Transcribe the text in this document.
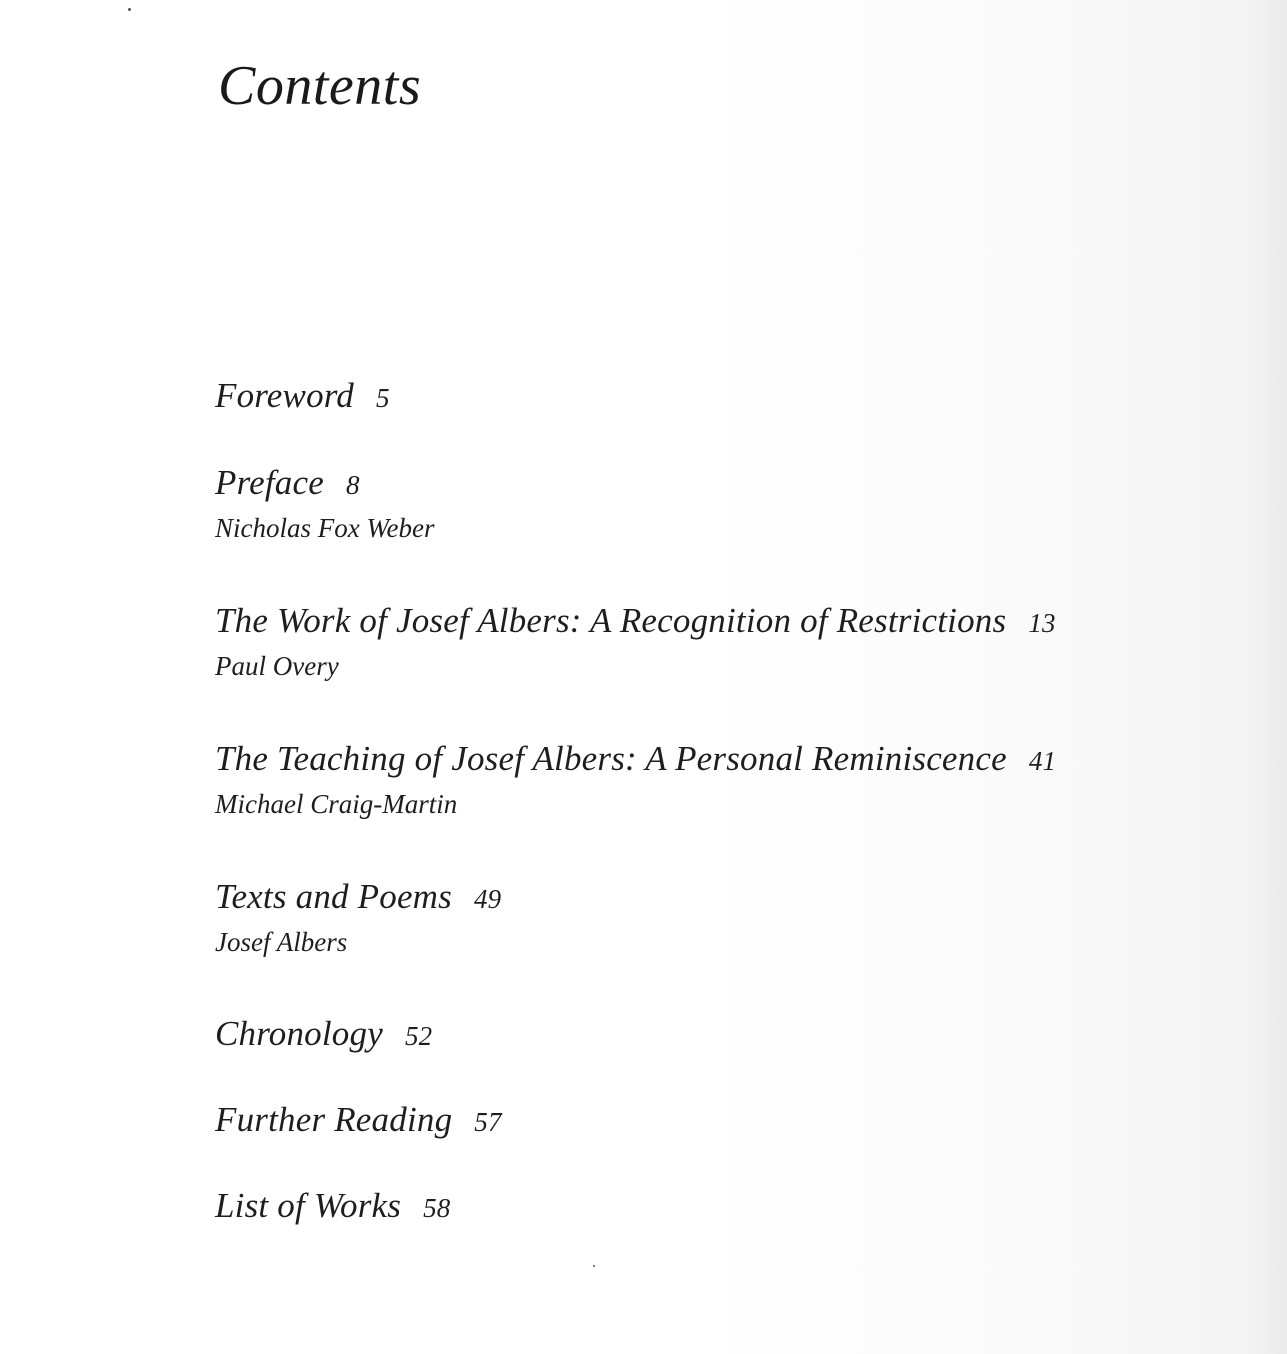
Contents
Foreword 5
Preface 8
Nicholas Fox Weber
The Work of Josef Albers: A Recognition of Restrictions 13
Paul Overy
The Teaching of Josef Albers: A Personal Reminiscence 41
Michael Craig-Martin
Texts and Poems 49
Josef Albers
Chronology 52
Further Reading 57
List of Works 58
